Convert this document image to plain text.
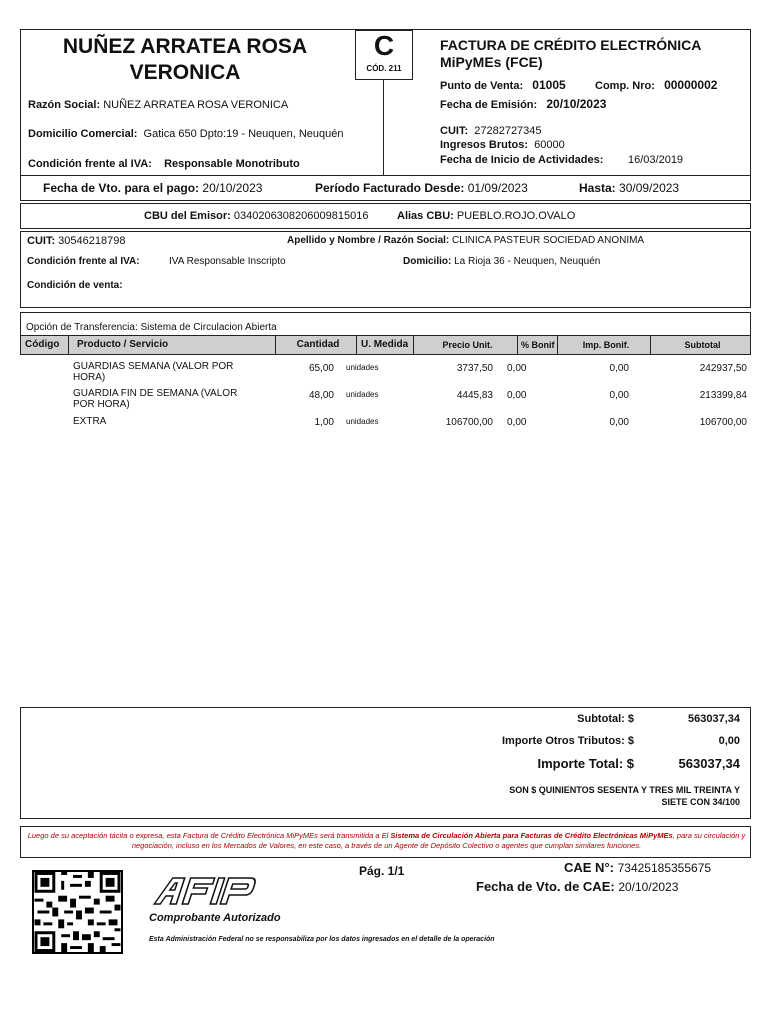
NUÑEZ ARRATEA ROSA VERONICA
C
CÓD. 211
Razón Social: NUÑEZ ARRATEA ROSA VERONICA
Domicilio Comercial: Gatica 650 Dpto:19 - Neuquen, Neuquén
Condición frente al IVA: Responsable Monotributo
FACTURA DE CRÉDITO ELECTRÓNICA
MiPyMEs (FCE)
Punto de Venta: 01005	Comp. Nro: 00000002
Fecha de Emisión: 20/10/2023
CUIT: 27282727345
Ingresos Brutos: 60000
Fecha de Inicio de Actividades: 16/03/2019
Fecha de Vto. para el pago: 20/10/2023	Período Facturado Desde: 01/09/2023	Hasta: 30/09/2023
CBU del Emisor: 0340206308206009815016	Alias CBU: PUEBLO.ROJO.OVALO
CUIT: 30546218798	Apellido y Nombre / Razón Social: CLINICA PASTEUR SOCIEDAD ANONIMA
Condición frente al IVA:	IVA Responsable Inscripto	Domicilio: La Rioja 36 - Neuquen, Neuquén
Condición de venta:
Opción de Transferencia: Sistema de Circulacion Abierta
Código	Producto / Servicio	Cantidad	U. Medida	Precio Unit.	% Bonif	Imp. Bonif.	Subtotal
GUARDIAS SEMANA (VALOR POR
HORA)
65,00 unidades	3737,50 0,00	0,00	242937,50
GUARDIA FIN DE SEMANA (VALOR
POR HORA)
48,00 unidades	4445,83 0,00	0,00	213399,84
EXTRA	1,00 unidades	106700,00 0,00	0,00	106700,00
Subtotal: $	563037,34
Importe Otros Tributos: $	0,00
Importe Total: $	563037,34
SON $ QUINIENTOS SESENTA Y TRES MIL TREINTA Y
SIETE CON 34/100
Luego de su aceptación tácita o expresa, esta Factura de Crédito Electrónica MiPyMEs será transmitida a El Sistema de Circulación Abierta para Facturas de Crédito Electrónicas MiPyMEs, para su circulación y negociación, incluso en los Mercados de Valores, en este caso, a través de un Agente de Depósito Colectivo o agentes que cumplan similares funciones.
AFIP	Pág. 1/1	CAE N°: 73425185355675
Fecha de Vto. de CAE: 20/10/2023
Comprobante Autorizado
Esta Administración Federal no se responsabiliza por los datos ingresados en el detalle de la operación
